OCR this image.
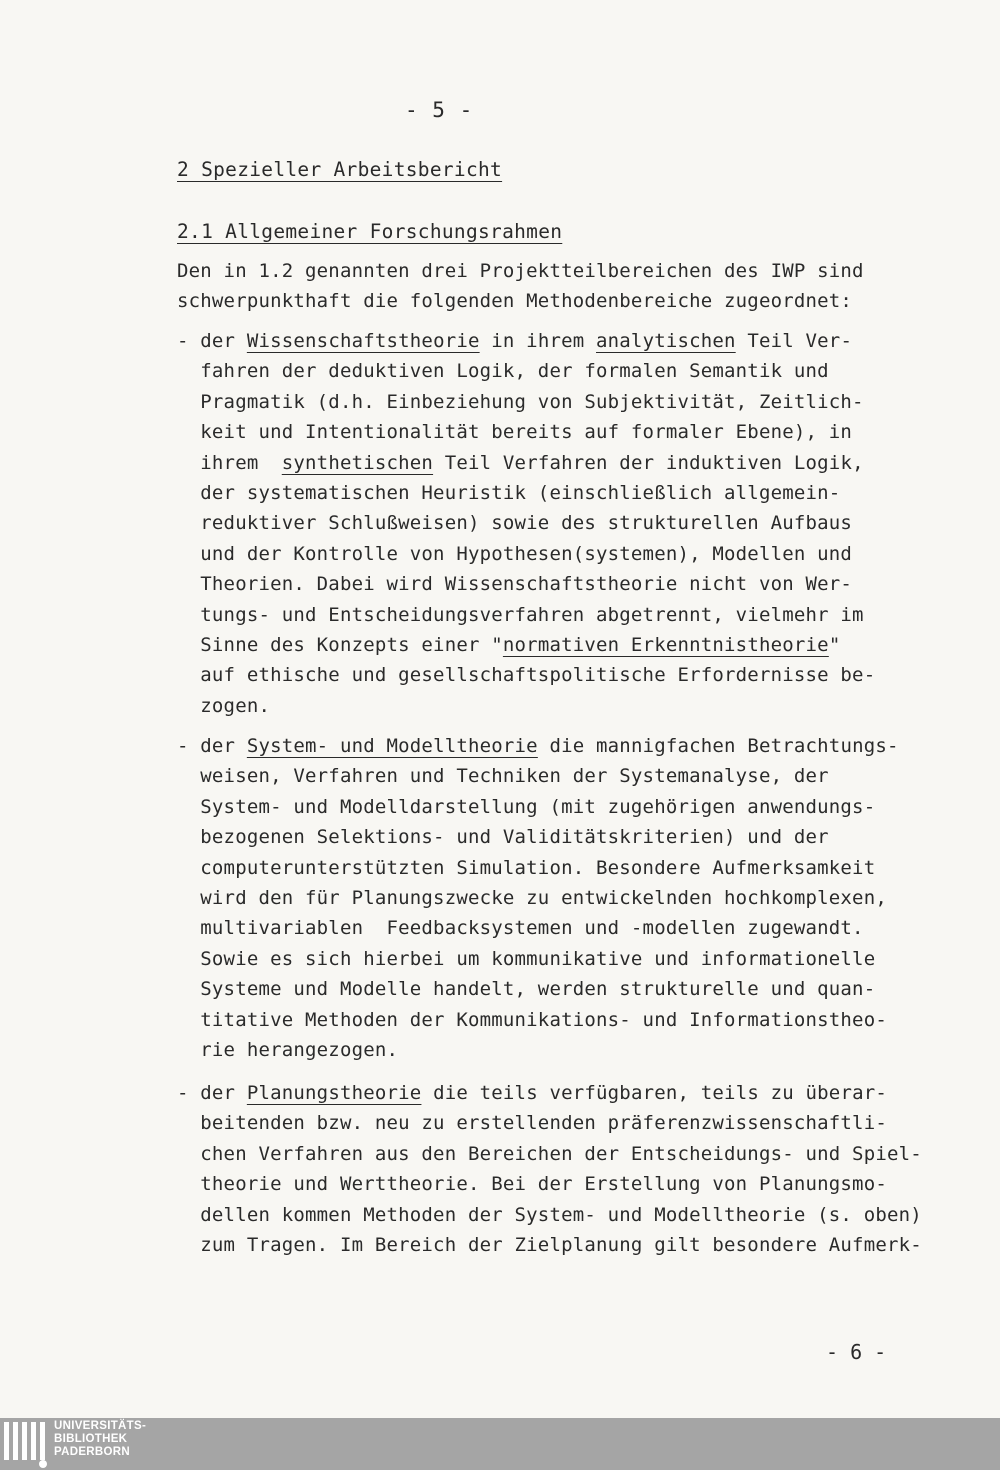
- 5 -
2 Spezieller Arbeitsbericht
2.1 Allgemeiner Forschungsrahmen
Den in 1.2 genannten drei Projektteilbereichen des IWP sind
schwerpunkthaft die folgenden Methodenbereiche zugeordnet:
- der Wissenschaftstheorie in ihrem analytischen Teil Ver-
fahren der deduktiven Logik, der formalen Semantik und
Pragmatik (d.h. Einbeziehung von Subjektivität, Zeitlich-
keit und Intentionalität bereits auf formaler Ebene), in
ihrem  synthetischen Teil Verfahren der induktiven Logik,
der systematischen Heuristik (einschließlich allgemein-
reduktiver Schlußweisen) sowie des strukturellen Aufbaus
und der Kontrolle von Hypothesen(systemen), Modellen und
Theorien. Dabei wird Wissenschaftstheorie nicht von Wer-
tungs- und Entscheidungsverfahren abgetrennt, vielmehr im
Sinne des Konzepts einer "normativen Erkenntnistheorie"
auf ethische und gesellschaftspolitische Erfordernisse be-
zogen.
- der System- und Modelltheorie die mannigfachen Betrachtungs-
weisen, Verfahren und Techniken der Systemanalyse, der
System- und Modelldarstellung (mit zugehörigen anwendungs-
bezogenen Selektions- und Validitätskriterien) und der
computerunterstützten Simulation. Besondere Aufmerksamkeit
wird den für Planungszwecke zu entwickelnden hochkomplexen,
multivariablen  Feedbacksystemen und -modellen zugewandt.
Sowie es sich hierbei um kommunikative und informationelle
Systeme und Modelle handelt, werden strukturelle und quan-
titative Methoden der Kommunikations- und Informationstheo-
rie herangezogen.
- der Planungstheorie die teils verfügbaren, teils zu überar-
beitenden bzw. neu zu erstellenden präferenzwissenschaftli-
chen Verfahren aus den Bereichen der Entscheidungs- und Spiel-
theorie und Werttheorie. Bei der Erstellung von Planungsmo-
dellen kommen Methoden der System- und Modelltheorie (s. oben)
zum Tragen. Im Bereich der Zielplanung gilt besondere Aufmerk-
- 6 -
UNIVERSITÄTS-
BIBLIOTHEK
PADERBORN
